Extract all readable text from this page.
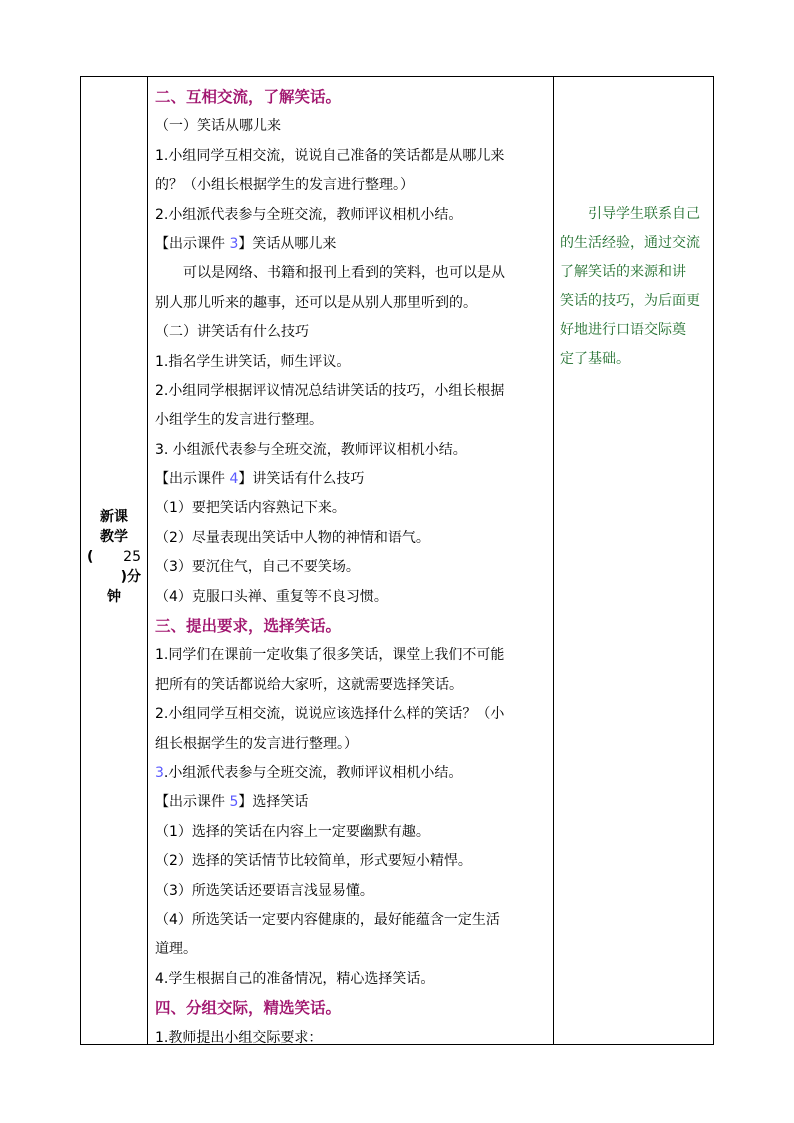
新课
教学
( 25
)分
钟
二、互相交流，了解笑话。
（一）笑话从哪儿来
1.小组同学互相交流，说说自己准备的笑话都是从哪儿来
的？（小组长根据学生的发言进行整理。）
2.小组派代表参与全班交流，教师评议相机小结。
【出示课件 3】笑话从哪儿来
可以是网络、书籍和报刊上看到的笑料，也可以是从
别人那儿听来的趣事，还可以是从别人那里听到的。
（二）讲笑话有什么技巧
1.指名学生讲笑话，师生评议。
2.小组同学根据评议情况总结讲笑话的技巧，小组长根据
小组学生的发言进行整理。
3. 小组派代表参与全班交流，教师评议相机小结。
【出示课件 4】讲笑话有什么技巧
（1）要把笑话内容熟记下来。
（2）尽量表现出笑话中人物的神情和语气。
（3）要沉住气，自己不要笑场。
（4）克服口头禅、重复等不良习惯。
三、提出要求，选择笑话。
1.同学们在课前一定收集了很多笑话，课堂上我们不可能
把所有的笑话都说给大家听，这就需要选择笑话。
2.小组同学互相交流，说说应该选择什么样的笑话？（小
组长根据学生的发言进行整理。）
3.小组派代表参与全班交流，教师评议相机小结。
【出示课件 5】选择笑话
（1）选择的笑话在内容上一定要幽默有趣。
（2）选择的笑话情节比较简单，形式要短小精悍。
（3）所选笑话还要语言浅显易懂。
（4）所选笑话一定要内容健康的，最好能蕴含一定生活
道理。
4.学生根据自己的准备情况，精心选择笑话。
四、分组交际，精选笑话。
1.教师提出小组交际要求：
引导学生联系自己
的生活经验，通过交流
了解笑话的来源和讲
笑话的技巧，为后面更
好地进行口语交际奠
定了基础。
